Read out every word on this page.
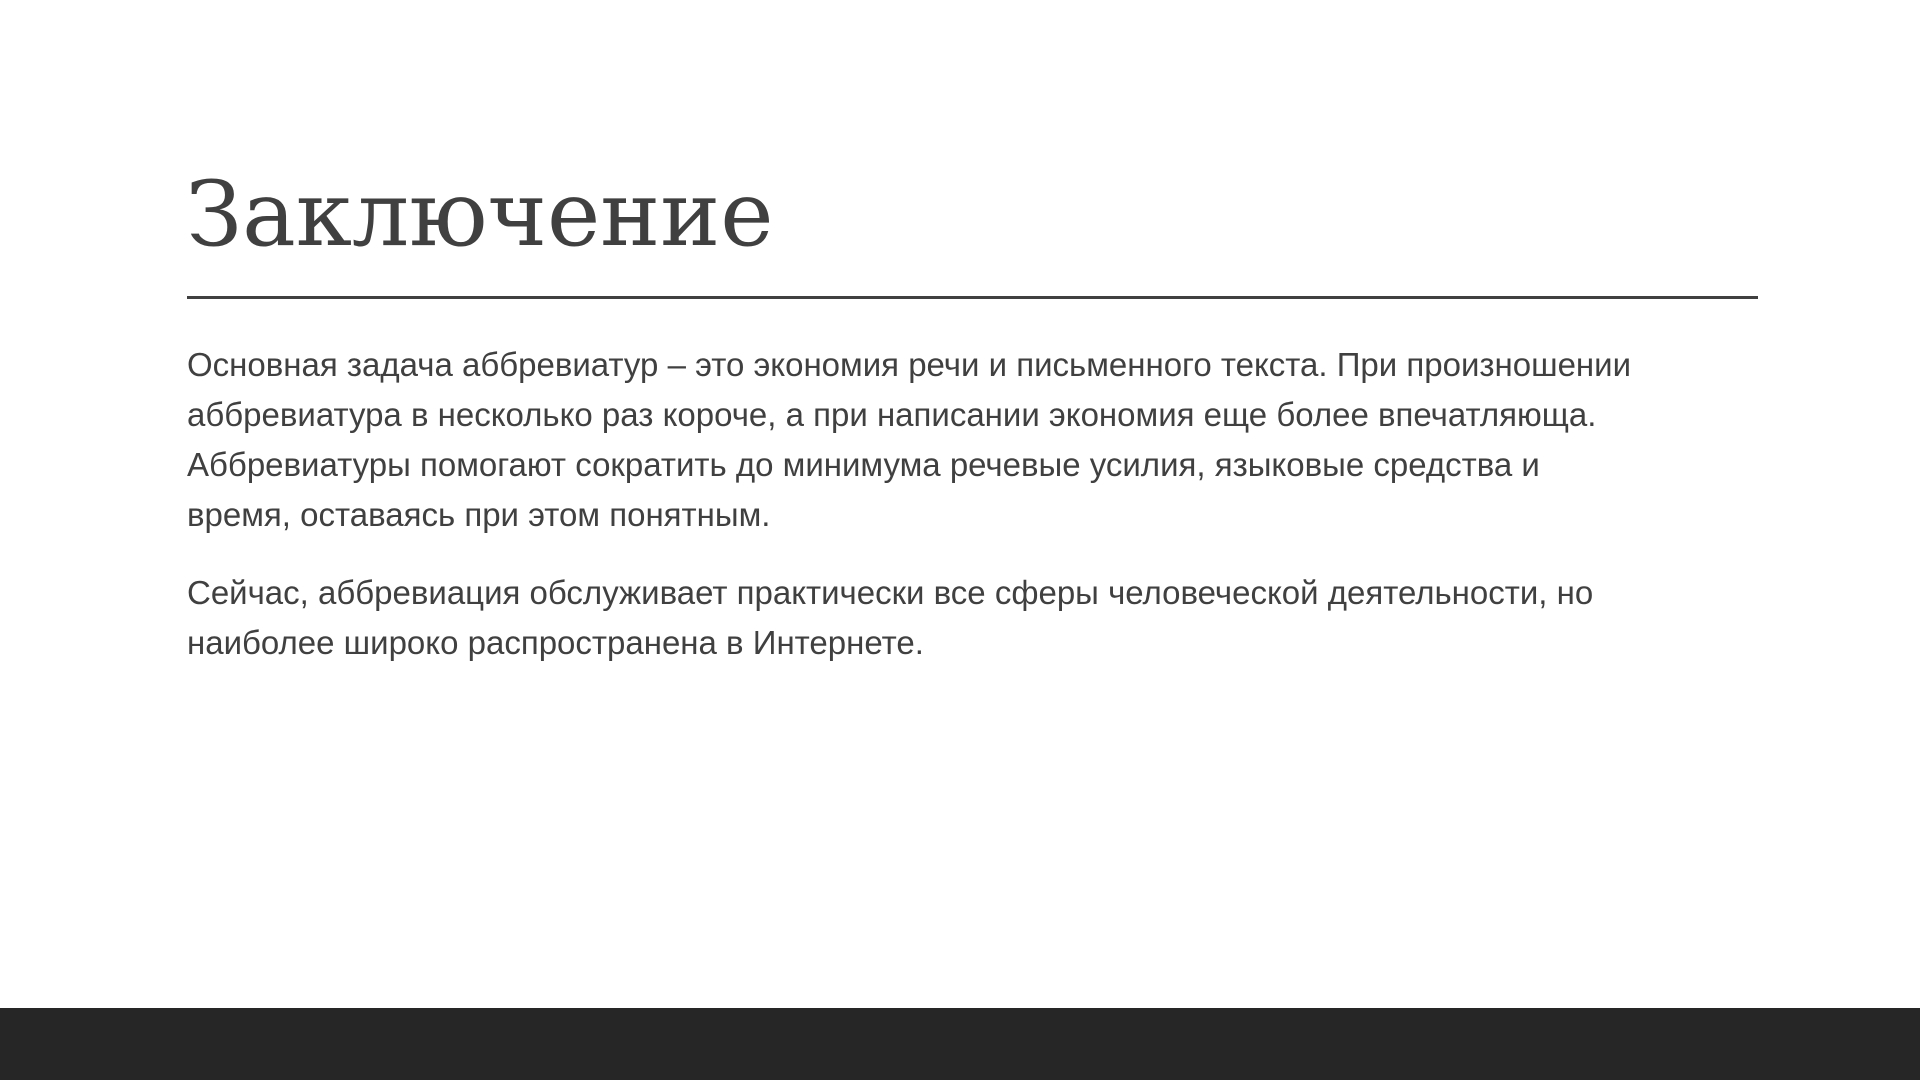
Заключение

Основная задача аббревиатур – это экономия речи и письменного текста. При произношении
аббревиатура в несколько раз короче, а при написании экономия еще более впечатляюща.
Аббревиатуры помогают сократить до минимума речевые усилия, языковые средства и
время, оставаясь при этом понятным.

Сейчас, аббревиация обслуживает практически все сферы человеческой деятельности, но
наиболее широко распространена в Интернете.
